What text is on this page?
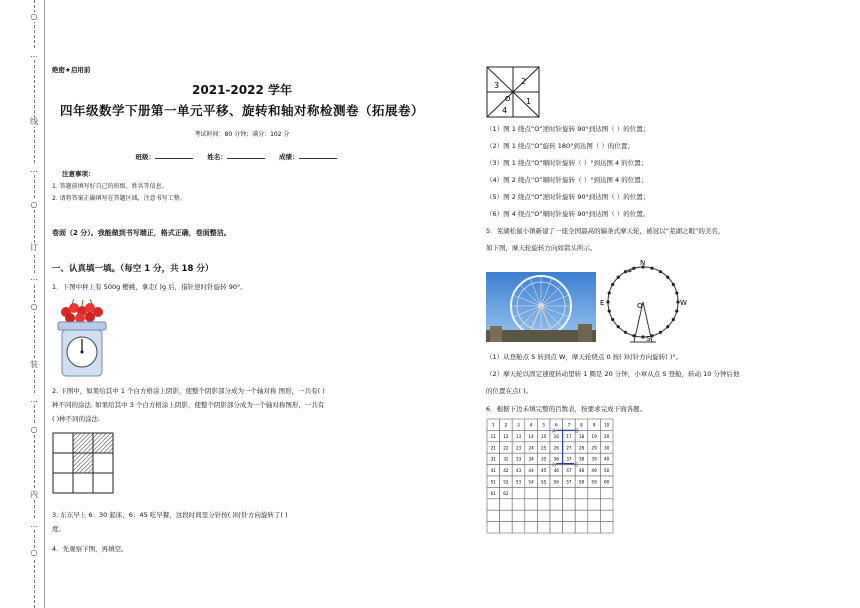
○
…
线
…
○
订
…
○
装
…
○
内
…
○
绝密★启用前
2021-2022 学年
四年级数学下册第一单元平移、旋转和轴对称检测卷（拓展卷）
考试时间：80 分钟；满分：102 分
班级：	姓名：	成绩：
注意事项：
1. 答题前填写好自己的班级、姓名等信息。
2. 请将答案正确填写在答题区域，注意书写工整。
卷面（2 分）。我能做到书写端正，格式正确，卷面整洁。
一、认真填一填。（每空 1 分，共 18 分）
1．下图中秤上有 500g 樱桃，拿走( )g 后，指针逆时针旋转 90°。
2. 下图中，如果给其中 1 个白方格涂上阴影，使整个阴影部分成为一个轴对称 图形，一共有( )
种不同的涂法. 如果给其中 3 个白方格涂上阴影，使整个阴影部分成为一个轴对称图形，一共有
( )种不同的涂法.
3. 东东早上 6：30 起床，6：45 吃早餐，这段时间里分针按( )时针方向旋转了( )
度。
4．先观察下图，再填空。
2
3
1
4
O
（1）图 1 绕点“O”逆时针旋转 90°到达图（ ）的位置；
（2）图 1 绕点“O”旋转 180°到达图（ ）的位置；
（3）图 1 绕点“O”顺时针旋转（ ）°到达图 4 的位置；
（4）图 2 绕点“O”顺时针旋转（ ）°到达图 4 的位置；
（5）图 2 绕点“O”逆时针旋转 90°到达图（ ）的位置；
（6）图 4 绕点“O”顺时针旋转 90°到达图（ ）的位置。
5．芜湖松鼠小镇新建了一座全国最高的辐条式摩天轮，被冠以“芜湖之眼”的美名，
如下图，摩天轮旋转方向如箭头所示。
N
E	W
S
O
（1）从登舱点 S 转到点 W，摩天轮绕点 0 按( )时针方向旋转( )°。
（2）摩天轮以固定速度转动里转 1 圈是 20 分钟，小章从点 S 登舱，转动 10 分钟后他
的位置在点( )。
6．根据下边未填完整的百数表，按要求完成下面各题。
1 2 3 4 5 6 7 8 9 10
11 12 13 14 15 16 17 18 19 20
21 22 23 24 25 26 27 28 29 30
31 32 33 34 35 36 37 38 39 40
41 42 43 44 45 46 47 48 49 50
51 52 53 54 55 56 57 58 59 60
61 62
A	B
D	C
